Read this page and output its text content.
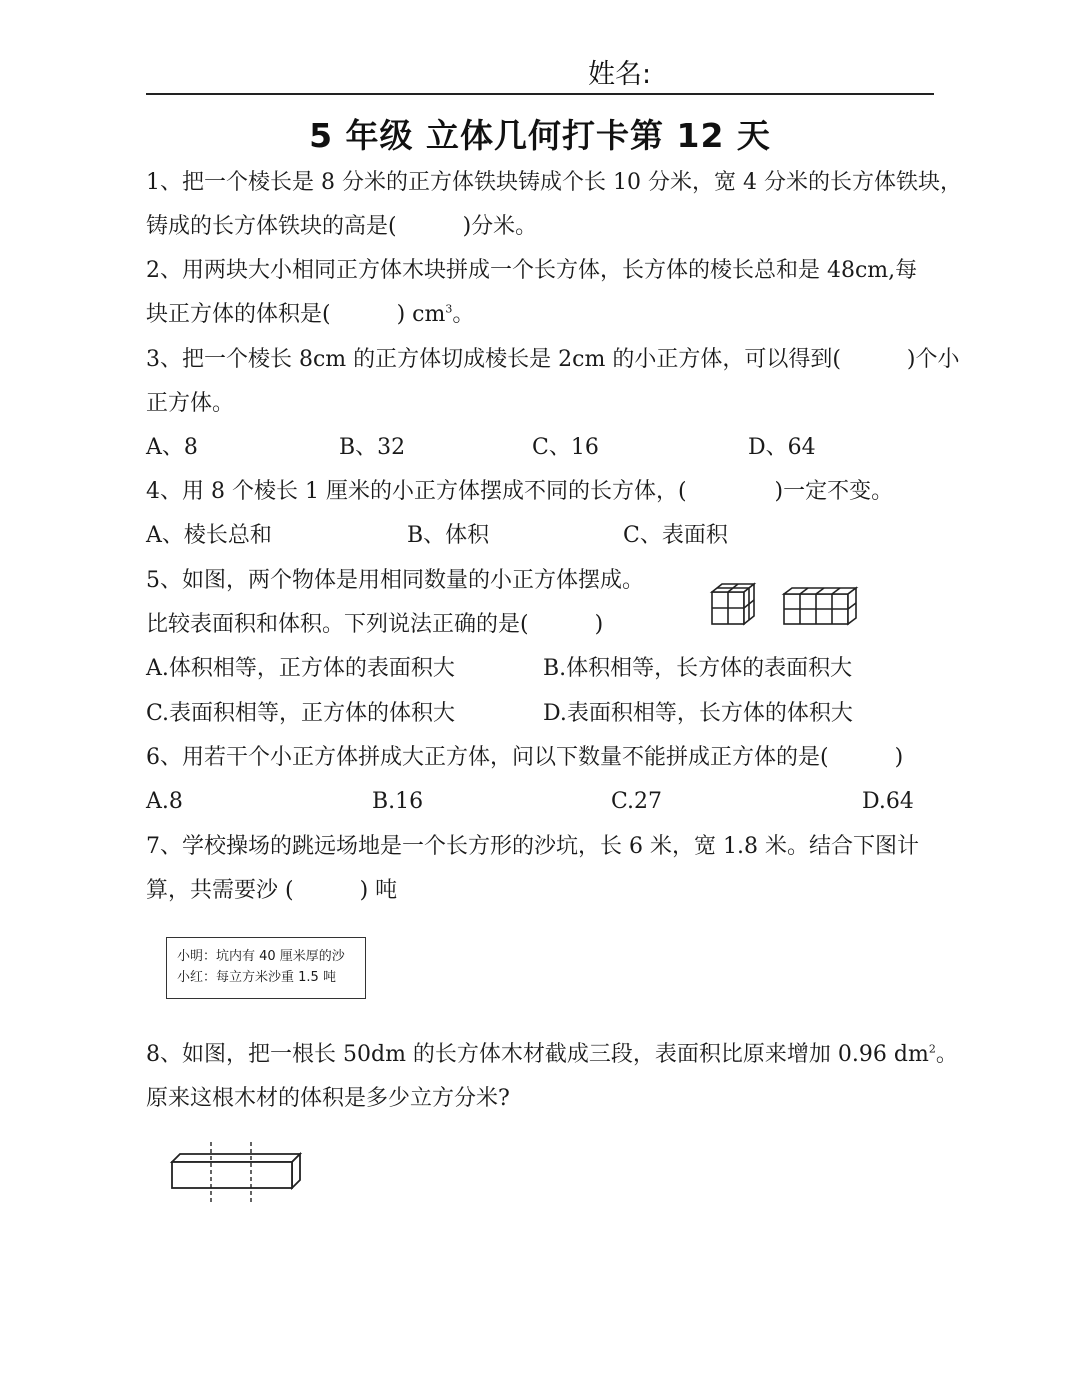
姓名:
5 年级 立体几何打卡第 12 天
1、把一个棱长是 8 分米的正方体铁块铸成个长 10 分米，宽 4 分米的长方体铁块，
铸成的长方体铁块的高是(　　　)分米。
2、用两块大小相同正方体木块拼成一个长方体，长方体的棱长总和是 48cm,每
块正方体的体积是(　　　) $cm^3$。
3、把一个棱长 8cm 的正方体切成棱长是 2cm 的小正方体，可以得到(　　　)个小
正方体。
A、8	B、32	C、16	D、64
4、用 8 个棱长 1 厘米的小正方体摆成不同的长方体，(　　　　)一定不变。
A、棱长总和	B、体积	C、表面积
5、如图，两个物体是用相同数量的小正方体摆成。
比较表面积和体积。下列说法正确的是(　　　)
A.体积相等，正方体的表面积大	B.体积相等，长方体的表面积大
C.表面积相等，正方体的体积大	D.表面积相等，长方体的体积大
6、用若干个小正方体拼成大正方体，问以下数量不能拼成正方体的是(　　　)
A.8	B.16	C.27	D.64
7、学校操场的跳远场地是一个长方形的沙坑，长 6 米，宽 1.8 米。结合下图计
算，共需要沙 (　　　) 吨
小明：坑内有 40 厘米厚的沙
小红：每立方米沙重 1.5 吨
8、如图，把一根长 50dm 的长方体木材截成三段，表面积比原来增加 0.96 $dm^2$。
原来这根木材的体积是多少立方分米?
